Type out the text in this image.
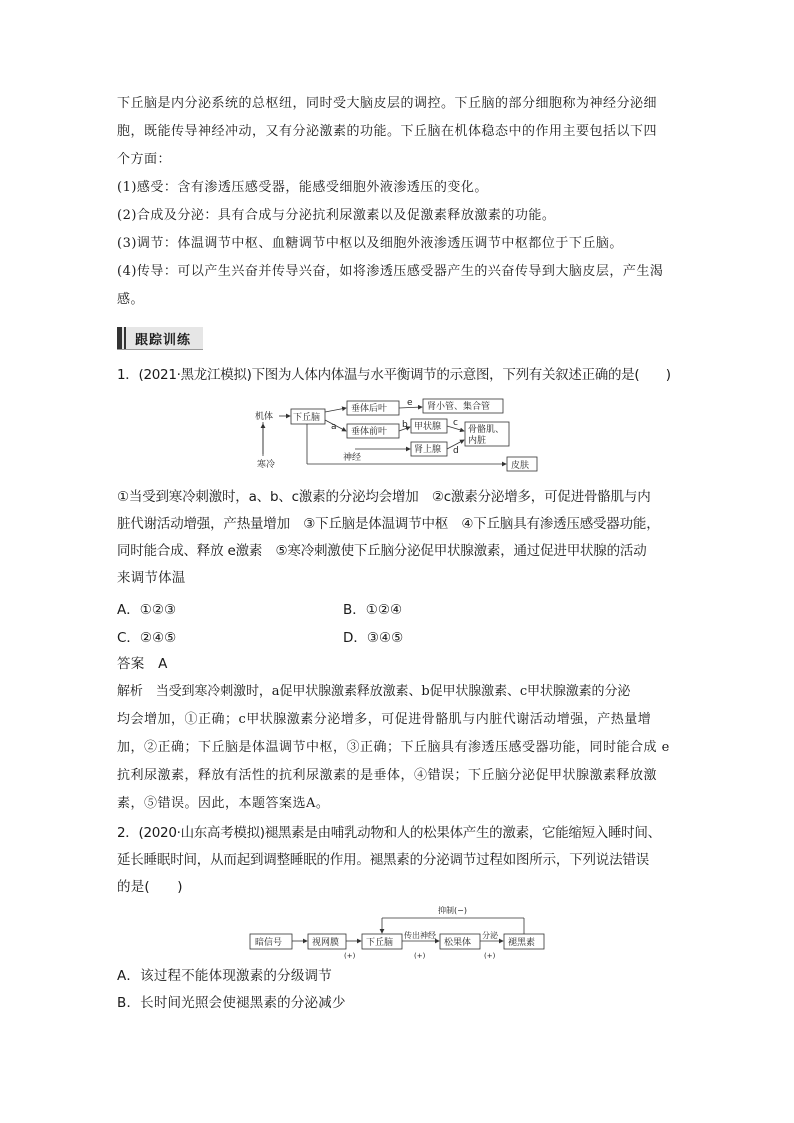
下丘脑是内分泌系统的总枢纽，同时受大脑皮层的调控。下丘脑的部分细胞称为神经分泌细

胞，既能传导神经冲动，又有分泌激素的功能。下丘脑在机体稳态中的作用主要包括以下四

个方面：

(1)感受：含有渗透压感受器，能感受细胞外液渗透压的变化。

(2)合成及分泌：具有合成与分泌抗利尿激素以及促激素释放激素的功能。

(3)调节：体温调节中枢、血糖调节中枢以及细胞外液渗透压调节中枢都位于下丘脑。

(4)传导：可以产生兴奋并传导兴奋，如将渗透压感受器产生的兴奋传导到大脑皮层，产生渴

感。

跟踪训练

1．(2021·黑龙江模拟)下图为人体内体温与水平衡调节的示意图，下列有关叙述正确的是(　　)

机体
寒冷
下丘脑
垂体后叶
垂体前叶
肾小管、集合管
甲状腺
肾上腺
骨骼肌、
内脏
皮肤
神经
a	b	c
d
e

①当受到寒冷刺激时，a、b、c激素的分泌均会增加　②c激素分泌增多，可促进骨骼肌与内

脏代谢活动增强，产热量增加　③下丘脑是体温调节中枢　④下丘脑具有渗透压感受器功能，

同时能合成、释放 e激素　⑤寒冷刺激使下丘脑分泌促甲状腺激素，通过促进甲状腺的活动

来调节体温

A．①②③	B．①②④
C．②④⑤	D．③④⑤

答案　A

解析　当受到寒冷刺激时，a促甲状腺激素释放激素、b促甲状腺激素、c甲状腺激素的分泌

均会增加，①正确；c甲状腺激素分泌增多，可促进骨骼肌与内脏代谢活动增强，产热量增

加，②正确；下丘脑是体温调节中枢，③正确；下丘脑具有渗透压感受器功能，同时能合成 e

抗利尿激素，释放有活性的抗利尿激素的是垂体，④错误；下丘脑分泌促甲状腺激素释放激

素，⑤错误。因此，本题答案选A。

2．(2020·山东高考模拟)褪黑素是由哺乳动物和人的松果体产生的激素，它能缩短入睡时间、

延长睡眠时间，从而起到调整睡眠的作用。褪黑素的分泌调节过程如图所示，下列说法错误

的是(　　)

暗信号	视网膜	下丘脑	松果体	褪黑素
抑制(−)
传出神经	分泌
(+)	(+)	(+)

A．该过程不能体现激素的分级调节

B．长时间光照会使褪黑素的分泌减少
